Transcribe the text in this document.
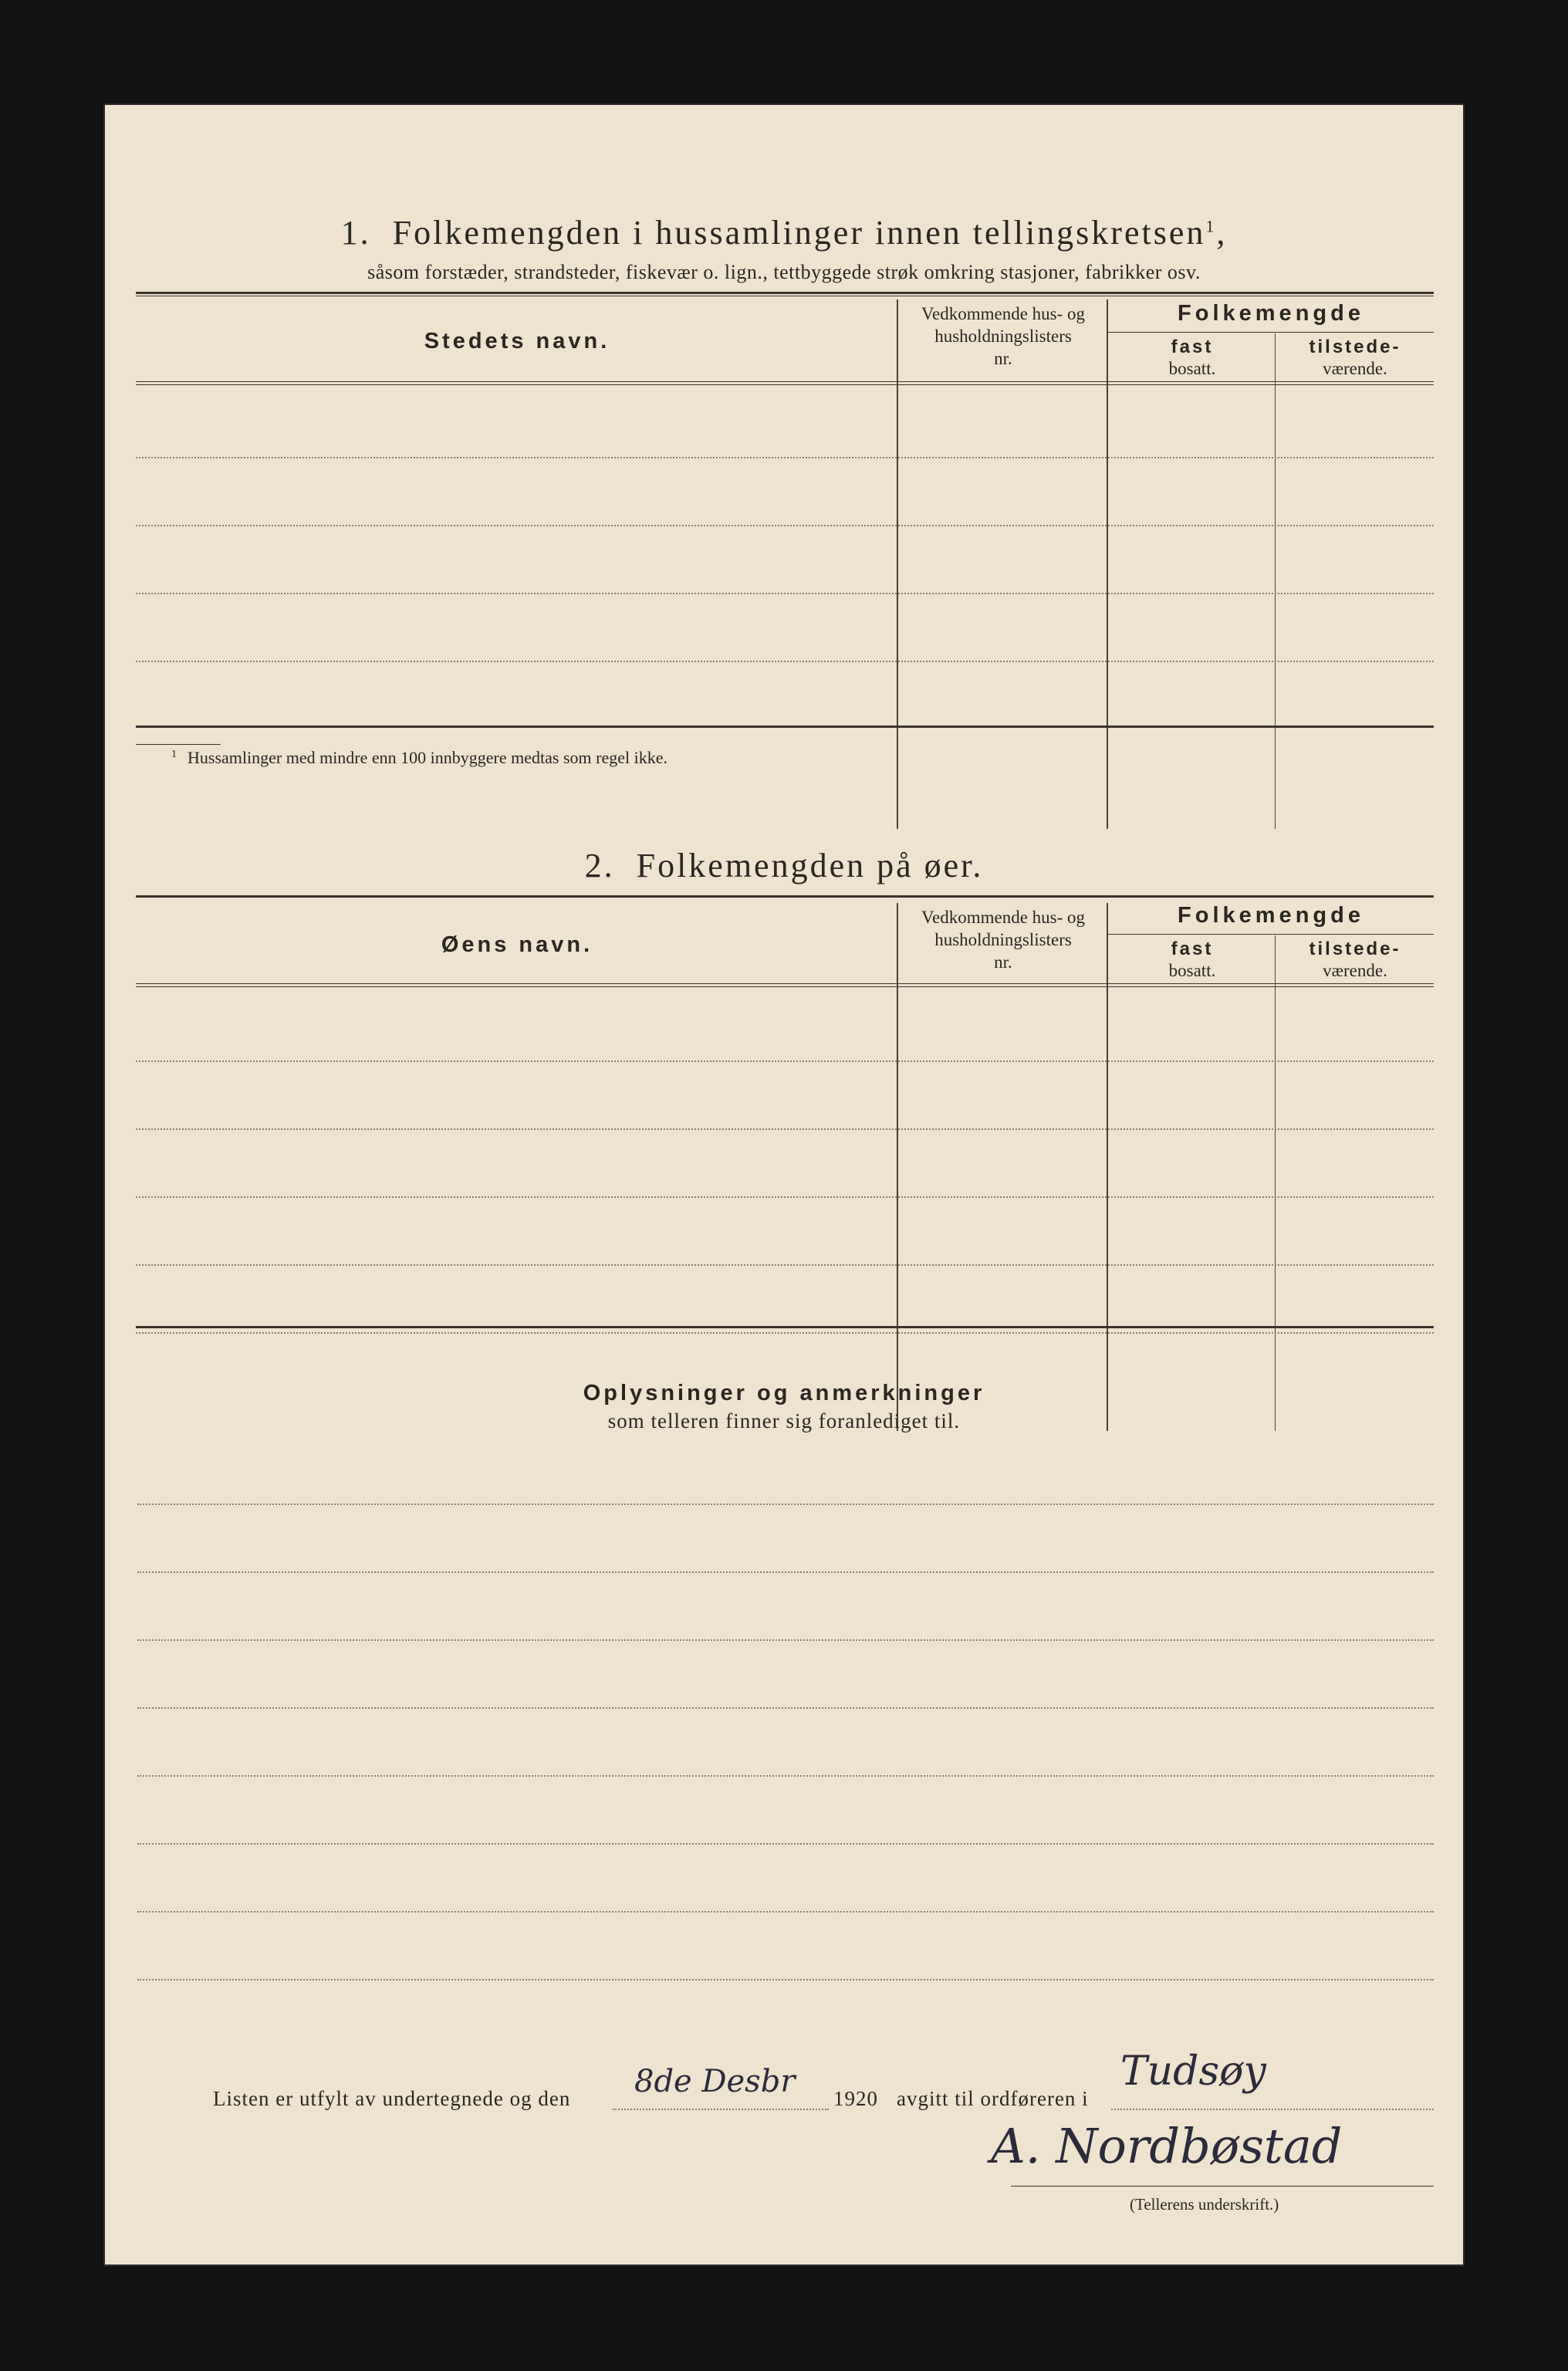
1. Folkemengden i hussamlinger innen tellingskretsen$^1$,
såsom forstæder, strandsteder, fiskevær o. lign., tettbyggede strøk omkring stasjoner, fabrikker osv.
Stedets navn.
Vedkommende hus- og
husholdningslisters
nr.
Folkemengde
fast
bosatt.
tilstede-
værende.
$^1$ Hussamlinger med mindre enn 100 innbyggere medtas som regel ikke.
2. Folkemengden på øer.
Øens navn.
Vedkommende hus- og
husholdningslisters
nr.
Folkemengde
fast
bosatt.
tilstede-
værende.
Oplysninger og anmerkninger
som telleren finner sig foranlediget til.
Listen er utfylt av undertegnede og den 8de Desbr 1920 avgitt til ordføreren i
Tudsøy
A. Nordbøstad
(Tellerens underskrift.)
